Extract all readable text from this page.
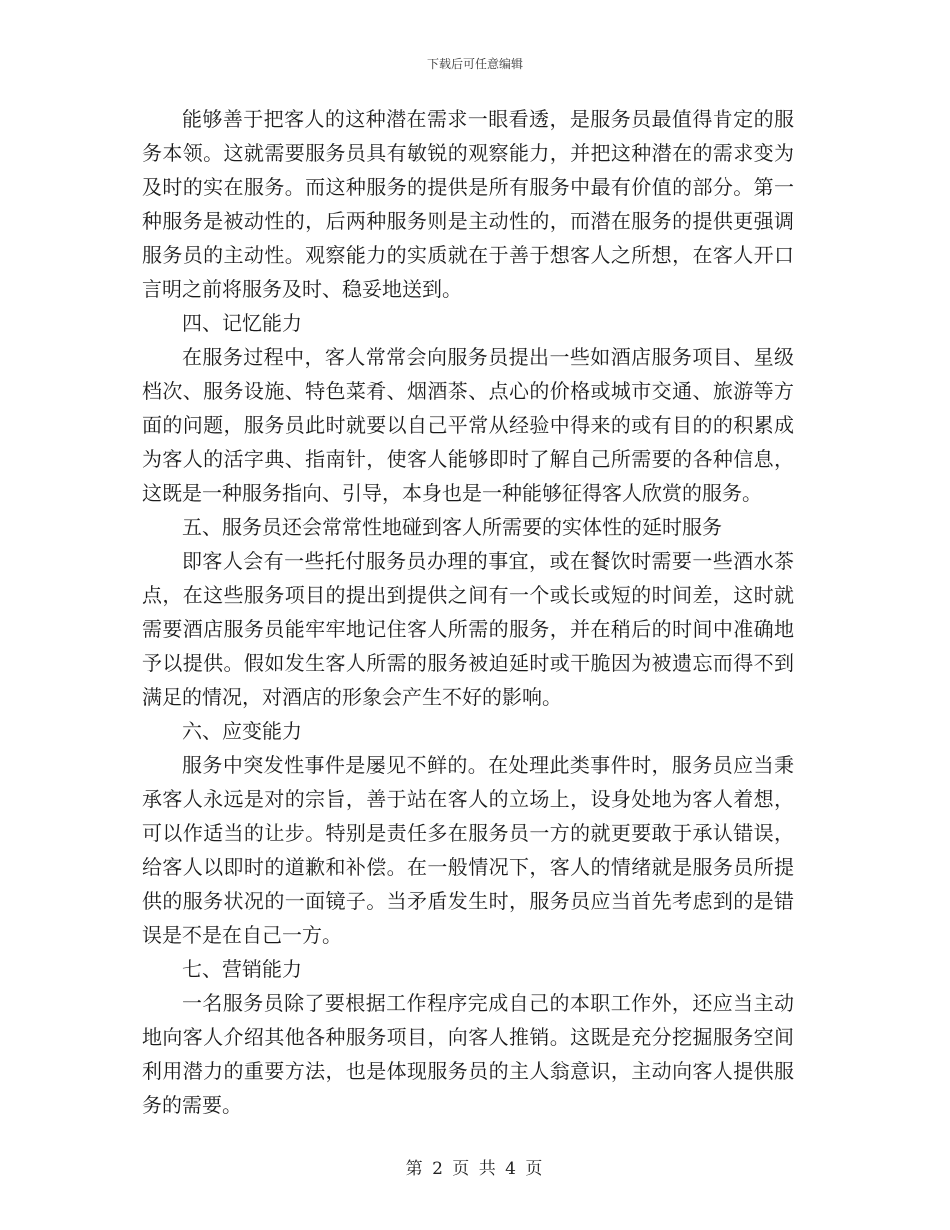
下载后可任意编辑

能够善于把客人的这种潜在需求一眼看透，是服务员最值得肯定的服务本领。这就需要服务员具有敏锐的观察能力，并把这种潜在的需求变为及时的实在服务。而这种服务的提供是所有服务中最有价值的部分。第一种服务是被动性的，后两种服务则是主动性的，而潜在服务的提供更强调服务员的主动性。观察能力的实质就在于善于想客人之所想，在客人开口言明之前将服务及时、稳妥地送到。

四、记忆能力

在服务过程中，客人常常会向服务员提出一些如酒店服务项目、星级档次、服务设施、特色菜肴、烟酒茶、点心的价格或城市交通、旅游等方面的问题，服务员此时就要以自己平常从经验中得来的或有目的的积累成为客人的活字典、指南针，使客人能够即时了解自己所需要的各种信息，这既是一种服务指向、引导，本身也是一种能够征得客人欣赏的服务。

五、服务员还会常常性地碰到客人所需要的实体性的延时服务

即客人会有一些托付服务员办理的事宜，或在餐饮时需要一些酒水茶点，在这些服务项目的提出到提供之间有一个或长或短的时间差，这时就需要酒店服务员能牢牢地记住客人所需的服务，并在稍后的时间中准确地予以提供。假如发生客人所需的服务被迫延时或干脆因为被遗忘而得不到满足的情况，对酒店的形象会产生不好的影响。

六、应变能力

服务中突发性事件是屡见不鲜的。在处理此类事件时，服务员应当秉承客人永远是对的宗旨，善于站在客人的立场上，设身处地为客人着想，可以作适当的让步。特别是责任多在服务员一方的就更要敢于承认错误，给客人以即时的道歉和补偿。在一般情况下，客人的情绪就是服务员所提供的服务状况的一面镜子。当矛盾发生时，服务员应当首先考虑到的是错误是不是在自己一方。

七、营销能力

一名服务员除了要根据工作程序完成自己的本职工作外，还应当主动地向客人介绍其他各种服务项目，向客人推销。这既是充分挖掘服务空间利用潜力的重要方法，也是体现服务员的主人翁意识，主动向客人提供服务的需要。

第 2 页 共 4 页
